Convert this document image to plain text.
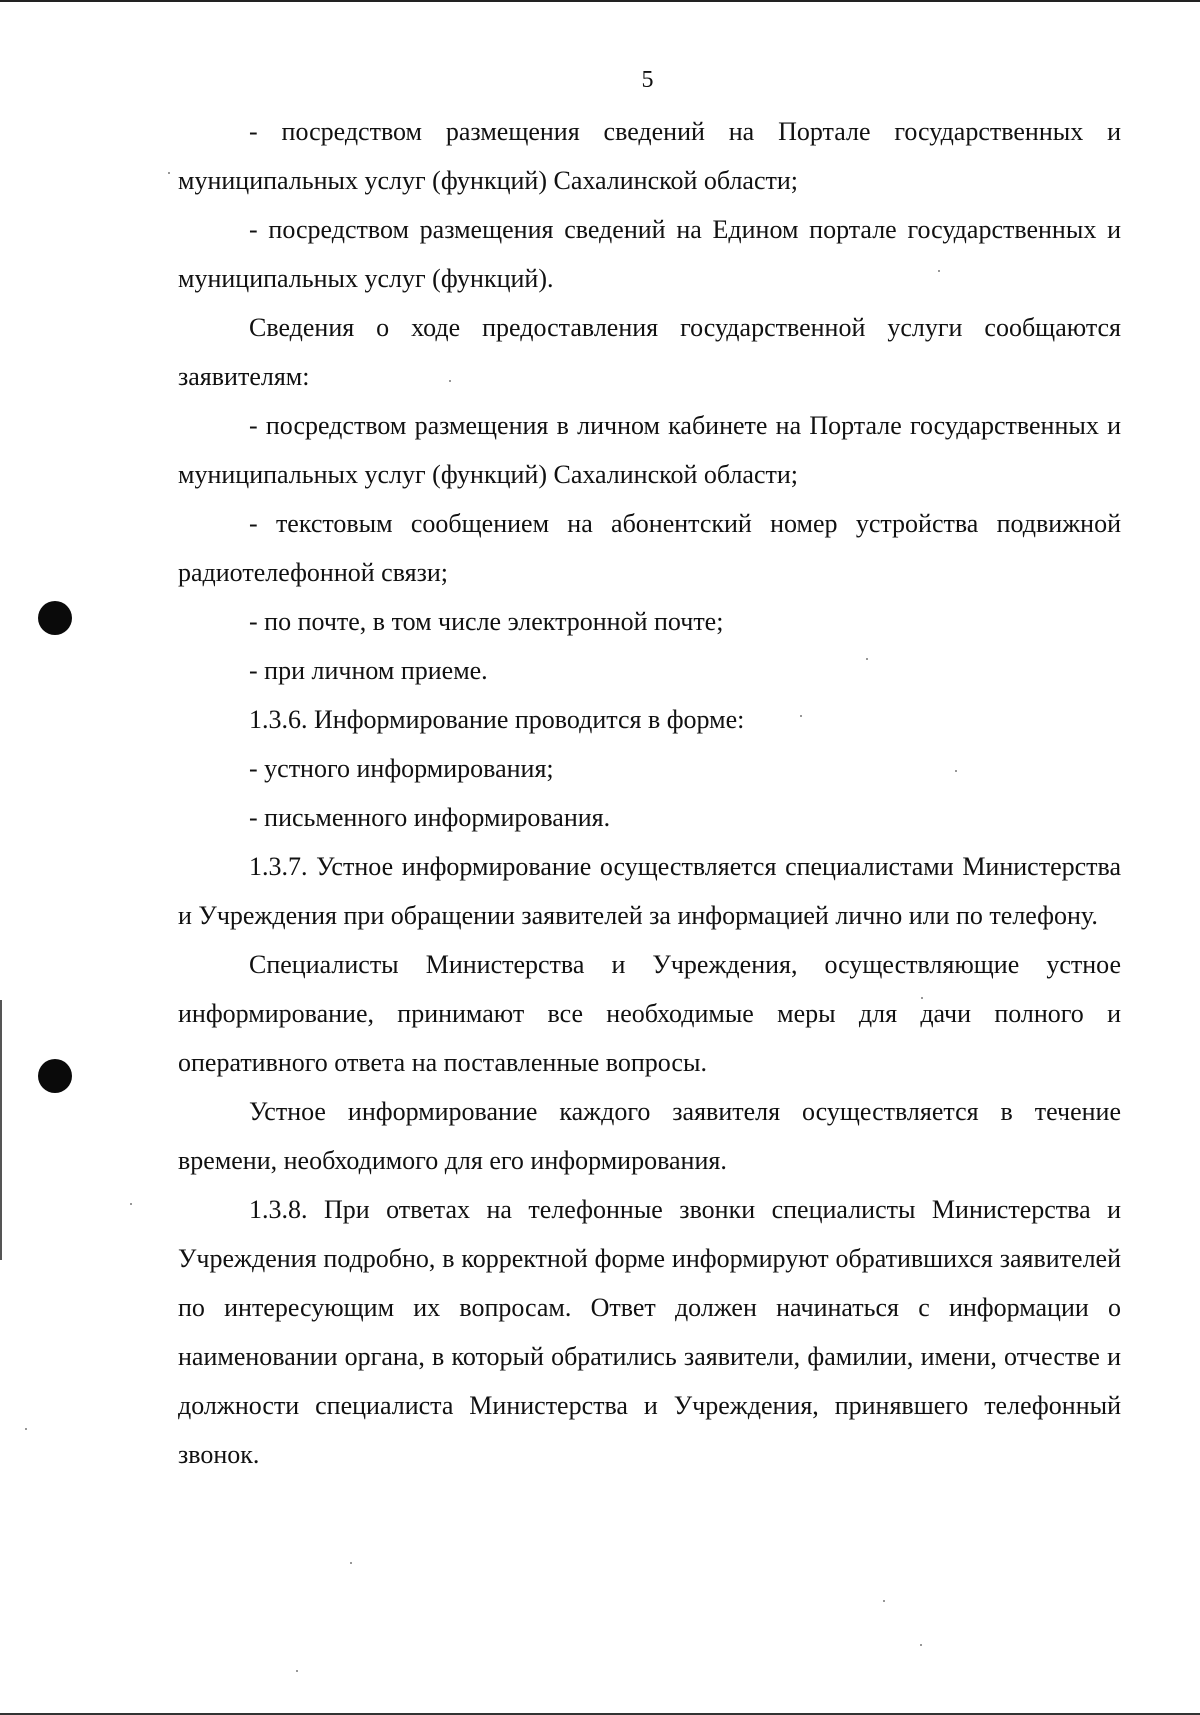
5

- посредством размещения сведений на Портале государственных и муниципальных услуг (функций) Сахалинской области;

- посредством размещения сведений на Едином портале государственных и муниципальных услуг (функций).

Сведения о ходе предоставления государственной услуги сообщаются заявителям:

- посредством размещения в личном кабинете на Портале государственных и муниципальных услуг (функций) Сахалинской области;

- текстовым сообщением на абонентский номер устройства подвижной радиотелефонной связи;

- по почте, в том числе электронной почте;

- при личном приеме.

1.3.6. Информирование проводится в форме:

- устного информирования;

- письменного информирования.

1.3.7. Устное информирование осуществляется специалистами Министерства и Учреждения при обращении заявителей за информацией лично или по телефону.

Специалисты Министерства и Учреждения, осуществляющие устное информирование, принимают все необходимые меры для дачи полного и оперативного ответа на поставленные вопросы.

Устное информирование каждого заявителя осуществляется в течение времени, необходимого для его информирования.

1.3.8. При ответах на телефонные звонки специалисты Министерства и Учреждения подробно, в корректной форме информируют обратившихся заявителей по интересующим их вопросам. Ответ должен начинаться с информации о наименовании органа, в который обратились заявители, фамилии, имени, отчестве и должности специалиста Министерства и Учреждения, принявшего телефонный звонок.
